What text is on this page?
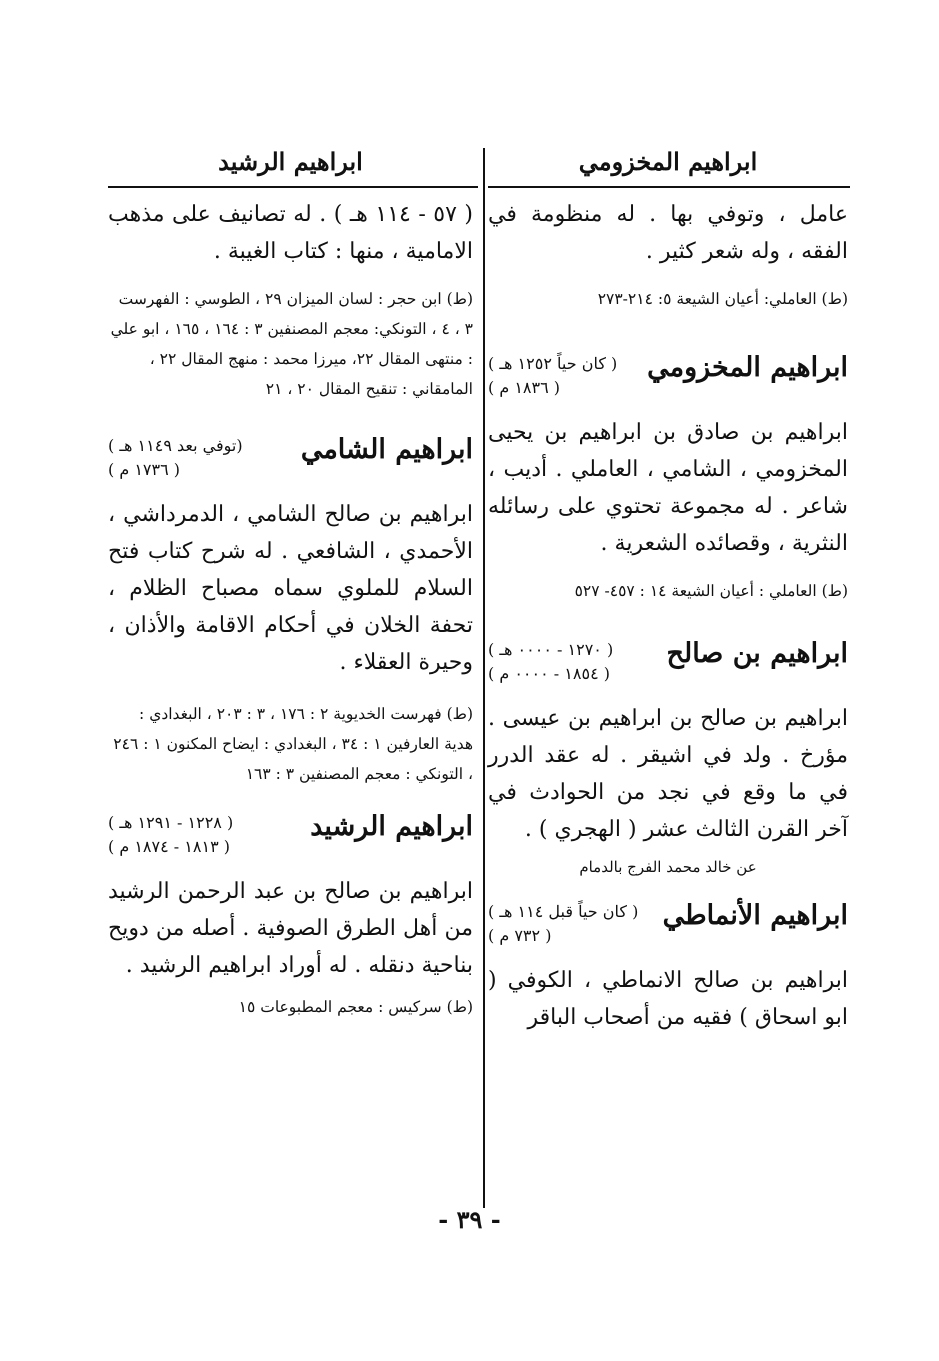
ابراهيم المخزومي

عامل ، وتوفي بها . له منظومة في الفقه ، وله شعر كثير .

(ط) العاملي: أعيان الشيعة ٥: ٢١٤-٢٧٣

ابراهيم المخزومي
( كان حياً ١٢٥٢ هـ )
( ١٨٣٦ م )

ابراهيم بن صادق بن ابراهيم بن يحيى المخزومي ، الشامي ، العاملي . أديب ، شاعر . له مجموعة تحتوي على رسائله النثرية ، وقصائده الشعرية .

(ط) العاملي : أعيان الشيعة ١٤ : ٤٥٧- ٥٢٧

ابراهيم بن صالح
( ١٢٧٠ - ٠٠٠٠ هـ )
( ١٨٥٤ - ٠٠٠٠ م )

ابراهيم بن صالح بن ابراهيم بن عيسى . مؤرخ . ولد في اشيقر . له عقد الدرر في ما وقع في نجد من الحوادث في آخر القرن الثالث عشر ( الهجري ) .

عن خالد محمد الفرج بالدمام

ابراهيم الأنماطي
( كان حياً قبل ١١٤ هـ )
( ٧٣٢ م )

ابراهيم بن صالح الانماطي ، الكوفي ( ابو اسحاق ) فقيه من أصحاب الباقر

ابراهيم الرشيد

( ٥٧ - ١١٤ هـ ) . له تصانيف على مذهب الامامية ، منها : كتاب الغيبة .

(ط) ابن حجر : لسان الميزان ٢٩ ، الطوسي : الفهرست ٣ ، ٤ ، التونكي: معجم المصنفين ٣ : ١٦٤ ، ١٦٥ ، ابو علي : منتهى المقال ٢٢، ميرزا محمد : منهج المقال ٢٢ ، المامقاني : تنقيح المقال ٢٠ ، ٢١

ابراهيم الشامي
(توفي بعد ١١٤٩ هـ )
( ١٧٣٦ م )

ابراهيم بن صالح الشامي ، الدمرداشي ، الأحمدي ، الشافعي . له شرح كتاب فتح السلام للملوي سماه مصباح الظلام ، تحفة الخلان في أحكام الاقامة والأذان ، وحيرة العقلاء .

(ط) فهرست الخديوية ٢ : ١٧٦ ، ٣ : ٢٠٣ ، البغدادي : هدية العارفين ١ : ٣٤ ، البغدادي : ايضاح المكنون ١ : ٢٤٦ ، التونكي : معجم المصنفين ٣ : ١٦٣

ابراهيم الرشيد
( ١٢٢٨ - ١٢٩١ هـ )
( ١٨١٣ - ١٨٧٤ م )

ابراهيم بن صالح بن عبد الرحمن الرشيد من أهل الطرق الصوفية . أصله من دويح بناحية دنقله . له أوراد ابراهيم الرشيد .

(ط) سركيس : معجم المطبوعات ١٥

- ٣٩ -
